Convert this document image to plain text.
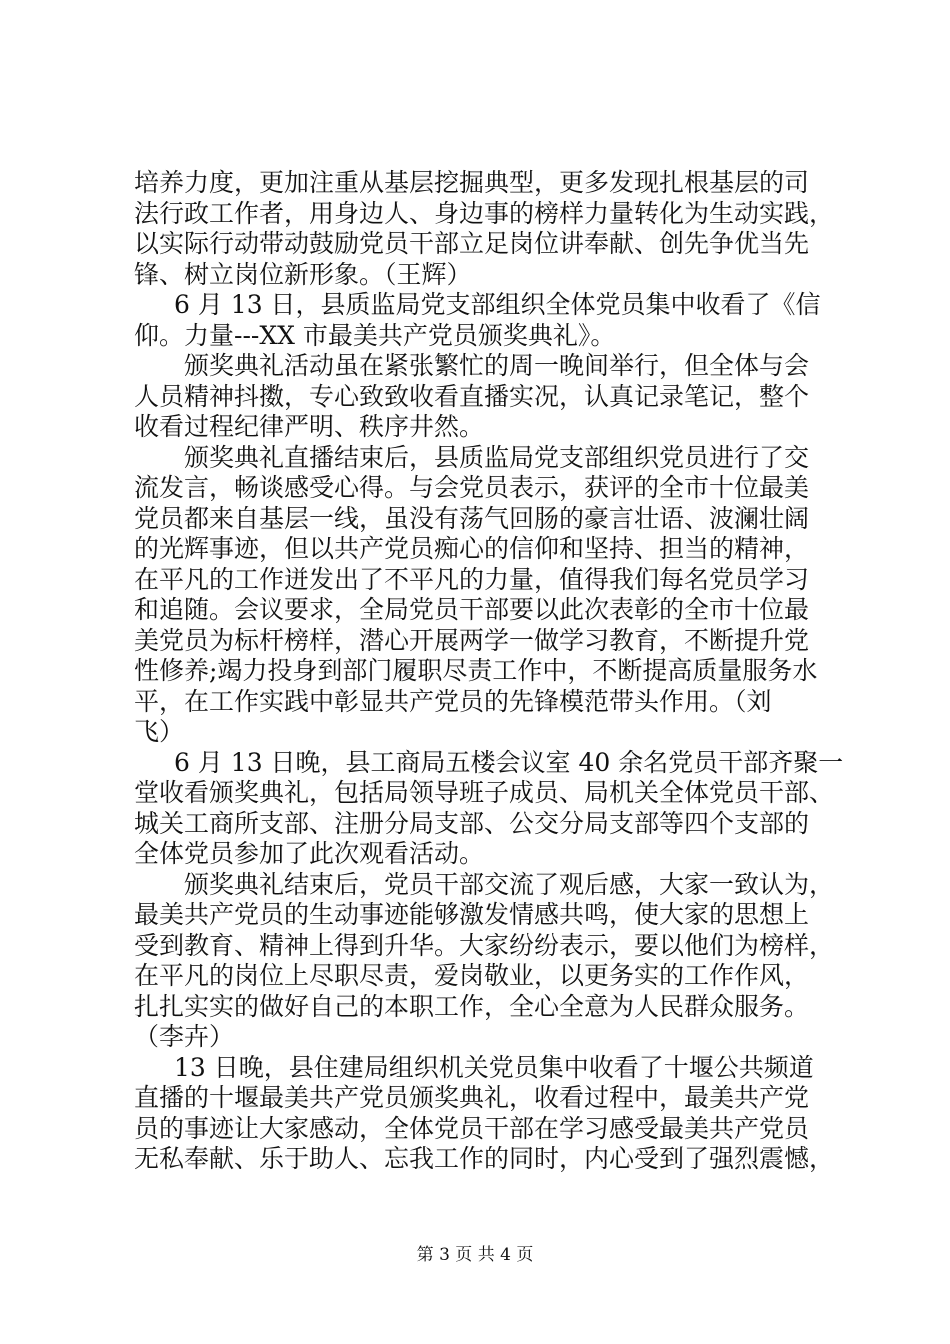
培养力度，更加注重从基层挖掘典型，更多发现扎根基层的司
法行政工作者，用身边人、身边事的榜样力量转化为生动实践，
以实际行动带动鼓励党员干部立足岗位讲奉献、创先争优当先
锋、树立岗位新形象。（王辉）
6 月 13 日，县质监局党支部组织全体党员集中收看了《信
仰。力量---XX 市最美共产党员颁奖典礼》。
颁奖典礼活动虽在紧张繁忙的周一晚间举行，但全体与会
人员精神抖擞，专心致致收看直播实况，认真记录笔记，整个
收看过程纪律严明、秩序井然。
颁奖典礼直播结束后，县质监局党支部组织党员进行了交
流发言，畅谈感受心得。与会党员表示，获评的全市十位最美
党员都来自基层一线，虽没有荡气回肠的豪言壮语、波澜壮阔
的光辉事迹，但以共产党员痴心的信仰和坚持、担当的精神，
在平凡的工作迸发出了不平凡的力量，值得我们每名党员学习
和追随。会议要求，全局党员干部要以此次表彰的全市十位最
美党员为标杆榜样，潜心开展两学一做学习教育，不断提升党
性修养;竭力投身到部门履职尽责工作中，不断提高质量服务水
平，在工作实践中彰显共产党员的先锋模范带头作用。（刘
飞）
6 月 13 日晚，县工商局五楼会议室 40 余名党员干部齐聚一
堂收看颁奖典礼，包括局领导班子成员、局机关全体党员干部、
城关工商所支部、注册分局支部、公交分局支部等四个支部的
全体党员参加了此次观看活动。
颁奖典礼结束后，党员干部交流了观后感，大家一致认为，
最美共产党员的生动事迹能够激发情感共鸣，使大家的思想上
受到教育、精神上得到升华。大家纷纷表示，要以他们为榜样，
在平凡的岗位上尽职尽责，爱岗敬业，以更务实的工作作风，
扎扎实实的做好自己的本职工作，全心全意为人民群众服务。
（李卉）
13 日晚，县住建局组织机关党员集中收看了十堰公共频道
直播的十堰最美共产党员颁奖典礼，收看过程中，最美共产党
员的事迹让大家感动，全体党员干部在学习感受最美共产党员
无私奉献、乐于助人、忘我工作的同时，内心受到了强烈震憾，
第 3 页 共 4 页
